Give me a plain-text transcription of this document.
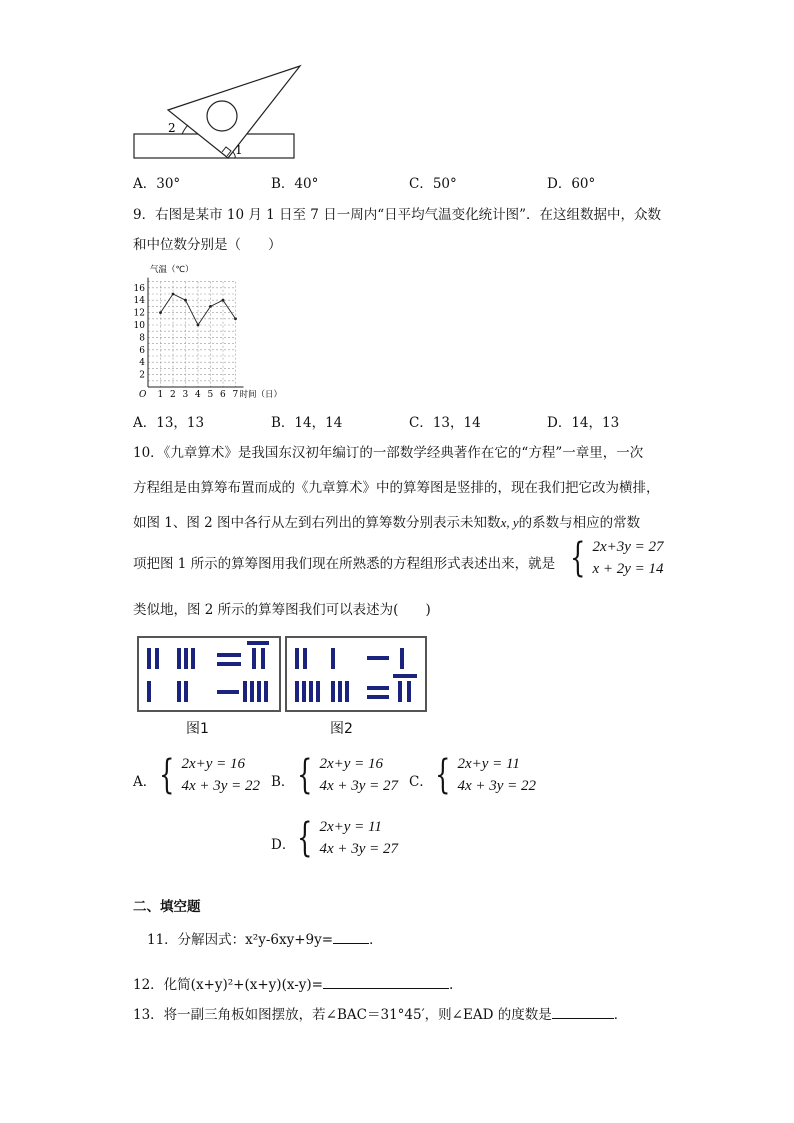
2
1
A．30°	B．40°	C．50°	D．60°
9．右图是某市 10 月 1 日至 7 日一周内“日平均气温变化统计图”．在这组数据中，众数
和中位数分别是（　　）
1 2 3 4 5 6 7
2
4
6
8
10
12
14
16
O
气温（℃）
时间（日）
A．13，13	B．14，14	C．13，14	D．14，13
10．《九章算术》是我国东汉初年编订的一部数学经典著作在它的“方程”一章里，一次
方程组是由算筹布置而成的《九章算术》中的算筹图是竖排的，现在我们把它改为横排，
如图 1、图 2 图中各行从左到右列出的算筹数分别表示未知数x, y的系数与相应的常数
项把图 1 所示的算筹图用我们现在所熟悉的方程组形式表述出来，就是 { 2x+3y = 27
x + 2y = 14
类似地，图 2 所示的算筹图我们可以表述为(　　)
图1	图2
A． { 2x+y = 16
4x + 3y = 22 B． { 2x+y = 16
4x + 3y = 27 C． { 2x+y = 11
4x + 3y = 22
D． { 2x+y = 11
4x + 3y = 27
二、填空题
11．分解因式：x²y-6xy+9y=	．
12．化简(x+y)²+(x+y)(x-y)=	.
13．将一副三角板如图摆放，若∠BAC＝31°45′，则∠EAD 的度数是	．
